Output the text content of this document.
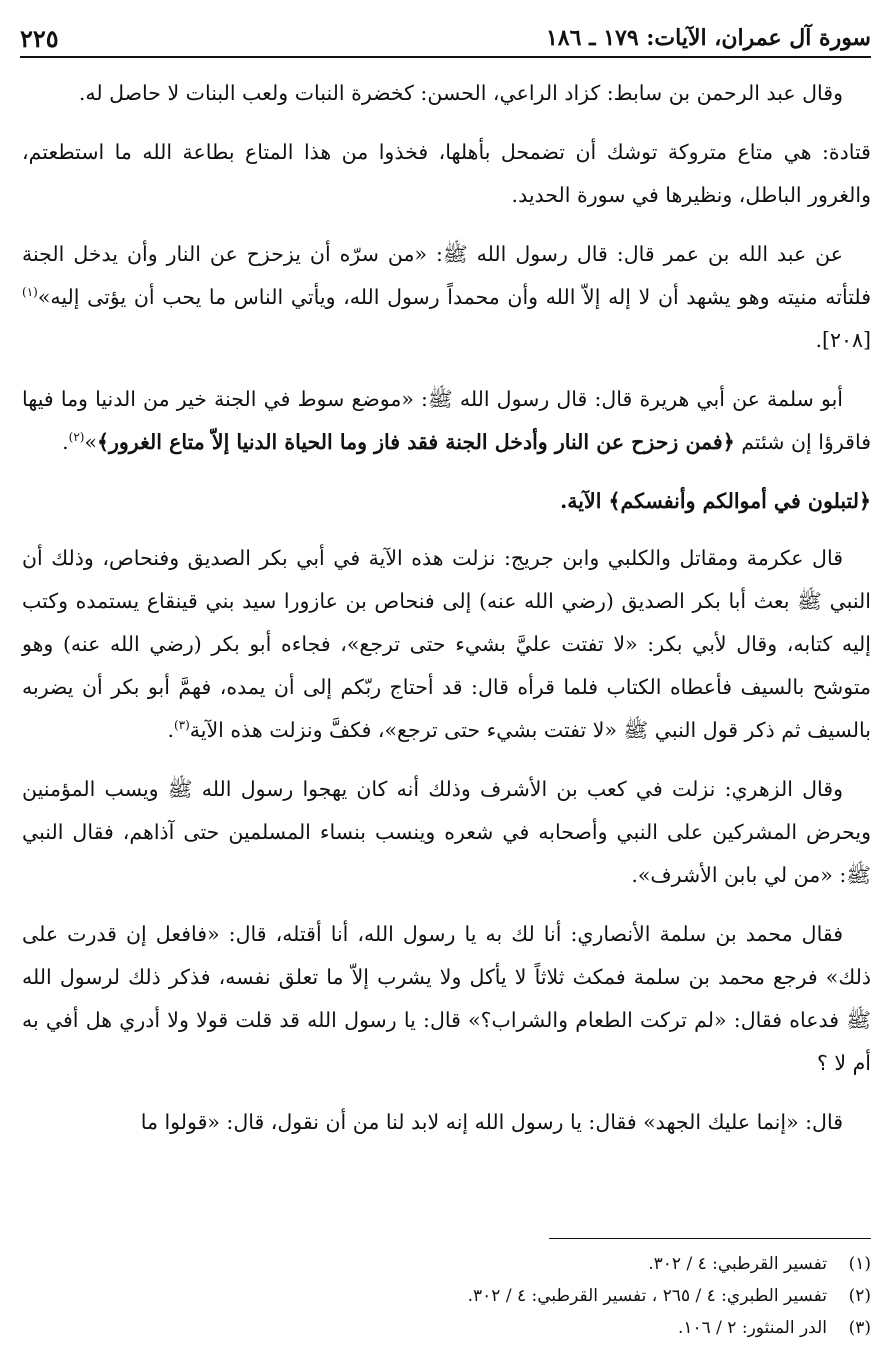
٢٢٥	سورة آل عمران، الآيات: ١٧٩ ـ ١٨٦

وقال عبد الرحمن بن سابط: كزاد الراعي، الحسن: كخضرة النبات ولعب البنات لا حاصل له.

قتادة: هي متاع متروكة توشك أن تضمحل بأهلها، فخذوا من هذا المتاع بطاعة الله ما استطعتم، والغرور الباطل، ونظيرها في سورة الحديد.

عن عبد الله بن عمر قال: قال رسول الله ﷺ: «من سرّه أن يزحزح عن النار وأن يدخل الجنة فلتأته منيته وهو يشهد أن لا إله إلاّ الله وأن محمداً رسول الله، ويأتي الناس ما يحب أن يؤتى إليه»$^{(١)}$ [٢٠٨].

أبو سلمة عن أبي هريرة قال: قال رسول الله ﷺ: «موضع سوط في الجنة خير من الدنيا وما فيها فاقرؤا إن شئتم ﴿فمن زحزح عن النار وأدخل الجنة فقد فاز وما الحياة الدنيا إلاّ متاع الغرور﴾»$^{(٢)}$.

﴿لتبلون في أموالكم وأنفسكم﴾ الآية.

قال عكرمة ومقاتل والكلبي وابن جريج: نزلت هذه الآية في أبي بكر الصديق وفنحاص، وذلك أن النبي ﷺ بعث أبا بكر الصديق (رضي الله عنه) إلى فنحاص بن عازورا سيد بني قينقاع يستمده وكتب إليه كتابه، وقال لأبي بكر: «لا تفتت عليَّ بشيء حتى ترجع»، فجاءه أبو بكر (رضي الله عنه) وهو متوشح بالسيف فأعطاه الكتاب فلما قرأه قال: قد أحتاج ربّكم إلى أن يمده، فهمَّ أبو بكر أن يضربه بالسيف ثم ذكر قول النبي ﷺ «لا تفتت بشيء حتى ترجع»، فكفَّ ونزلت هذه الآية$^{(٣)}$.

وقال الزهري: نزلت في كعب بن الأشرف وذلك أنه كان يهجوا رسول الله ﷺ ويسب المؤمنين ويحرض المشركين على النبي وأصحابه في شعره وينسب بنساء المسلمين حتى آذاهم، فقال النبي ﷺ: «من لي بابن الأشرف».

فقال محمد بن سلمة الأنصاري: أنا لك به يا رسول الله، أنا أقتله، قال: «فافعل إن قدرت على ذلك» فرجع محمد بن سلمة فمكث ثلاثاً لا يأكل ولا يشرب إلاّ ما تعلق نفسه، فذكر ذلك لرسول الله ﷺ فدعاه فقال: «لم تركت الطعام والشراب؟» قال: يا رسول الله قد قلت قولا ولا أدري هل أفي به أم لا ؟

قال: «إنما عليك الجهد» فقال: يا رسول الله إنه لابد لنا من أن نقول، قال: «قولوا ما

(١)
تفسير القرطبي: ٤ / ٣٠٢.
(٢)
تفسير الطبري: ٤ / ٢٦٥ ، تفسير القرطبي: ٤ / ٣٠٢.
(٣)
الدر المنثور: ٢ / ١٠٦.
